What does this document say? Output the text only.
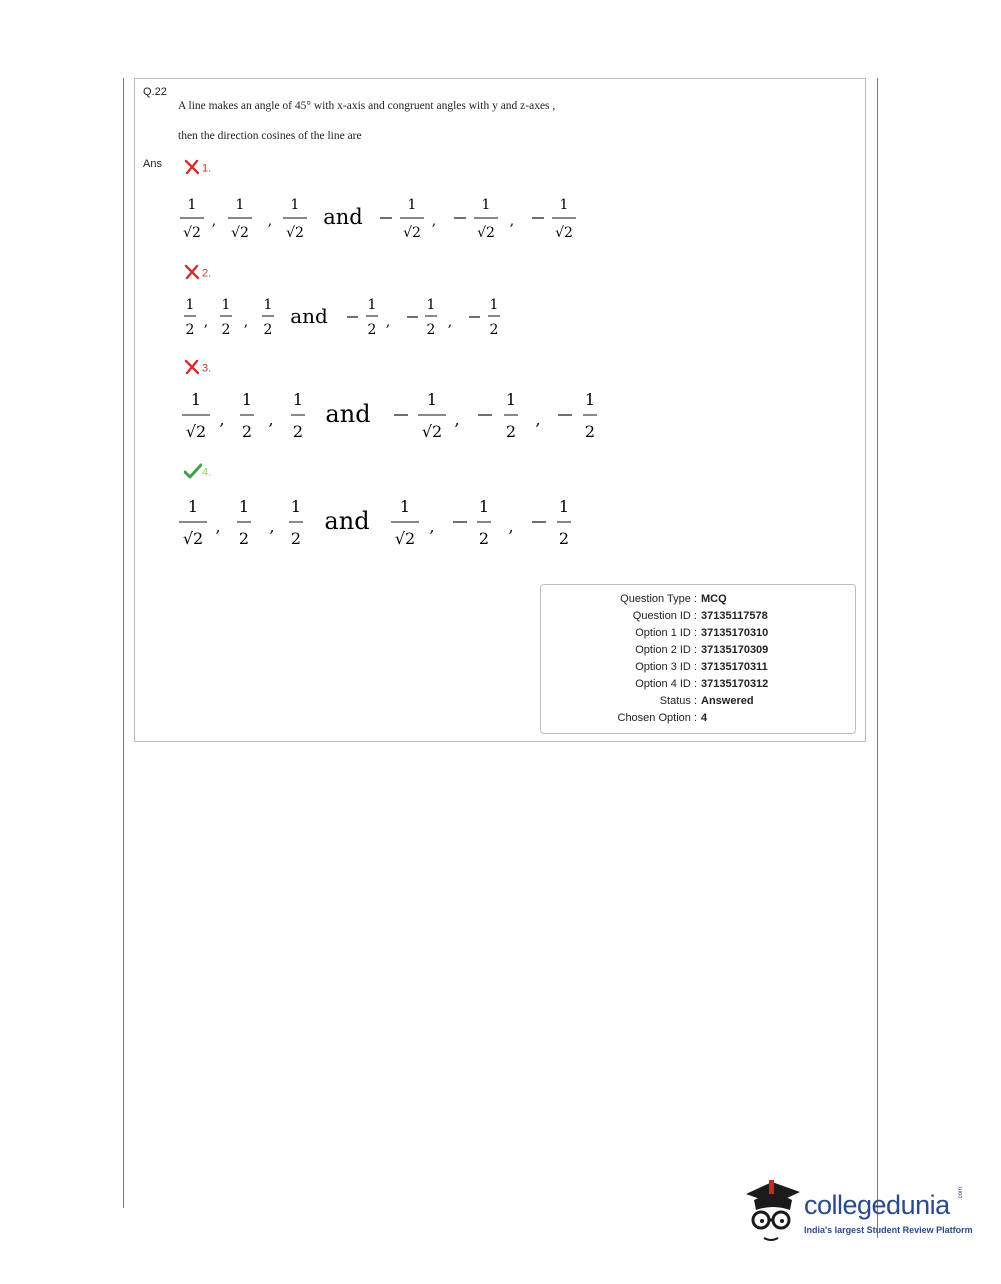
Q.22
A line makes an angle of 45° with x-axis and congruent angles with y and z-axes ,
then the direction cosines of the line are
Ans	1.
1
√2
,
1
√2
,
1
√2
and	1
√2
,
1
√2
,
1
√2
2.
1
2 ,
1
2 ,
1
2
and	1
2 ,
1
2 ,
1
2
3.
1
√2
,
1
2
,
1
2
and
1
√2
,
1
2
,
1
2
4.
1
√2
,
1
2
,
1
2
and
1
√2
,
1
2
,
1
2
Question Type : MCQ
Question ID : 37135117578
Option 1 ID : 37135170310
Option 2 ID : 37135170309
Option 3 ID : 37135170311
Option 4 ID : 37135170312
Status : Answered
Chosen Option : 4
collegedunia .com
India's largest Student Review Platform
